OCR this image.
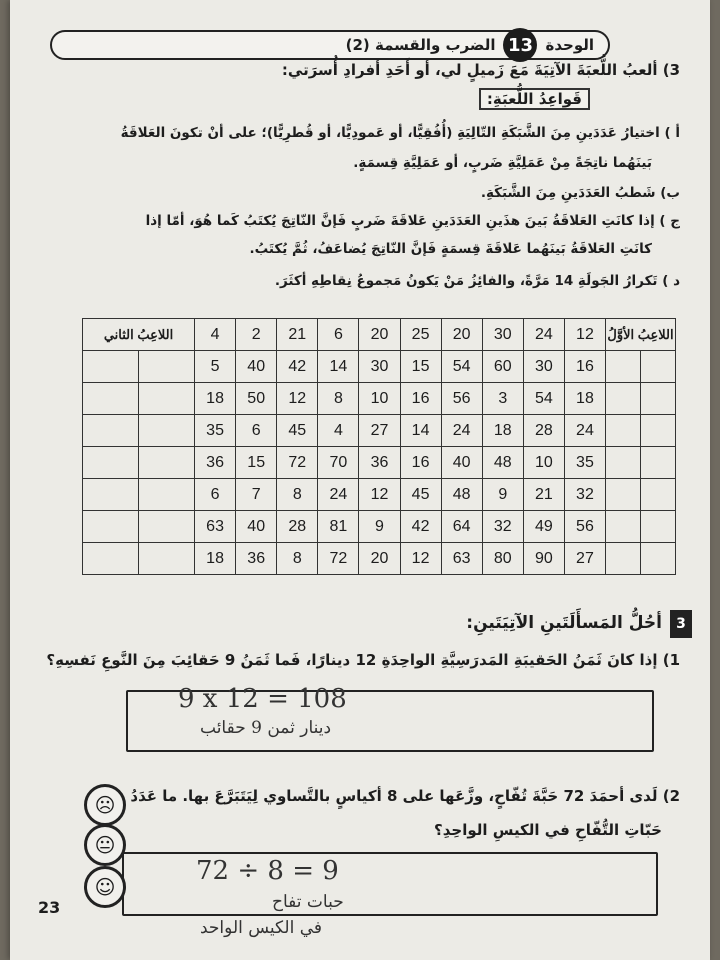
الوحدة
13
الضرب والقسمة (2)
3) ألعبُ اللُّعبَةَ الآتِيَةَ مَعَ زَميلٍ لي، أو أَحَدِ أفرادِ أُسرَتي:
قَواعِدُ اللُّعبَةِ:
أ ) اختيارُ عَدَدَينِ مِنَ الشَّبَكَةِ التّالِيَةِ (أُفُقِيًّا، أو عَمودِيًّا، أو قُطرِيًّا)؛ على أنْ تكونَ العَلاقَةُ
بَينَهُما ناتِجَةً مِنْ عَمَلِيَّةِ ضَربٍ، أو عَمَلِيَّةِ قِسمَةٍ.
ب) شَطبُ العَدَدَينِ مِنَ الشَّبَكَةِ.
ج ) إذا كانَتِ العَلاقَةُ بَينَ هذَينِ العَدَدَينِ عَلاقَةَ ضَربٍ فَإنَّ النّاتِجَ يُكتَبُ كَما هُوَ، أمّا إذا
كانَتِ العَلاقَةُ بَينَهُما عَلاقَةَ قِسمَةٍ فَإنَّ النّاتِجَ يُضاعَفُ، ثُمَّ يُكتَبُ.
د ) تَكرارُ الجَولَةِ 14 مَرَّةً، والفائِزُ مَنْ يَكونُ مَجموعُ نِقاطِهِ أكثَرَ.
اللاعِبُ الأوَّلُ		12	24	30	20	25	20	6	21	2	4	اللاعِبُ الثاني	
		16	30	60	54	15	30	14	42	40	5		
		18	54	3	56	16	10	8	12	50	18		
		24	28	18	24	14	27	4	45	6	35		
		35	10	48	40	16	36	70	72	15	36		
		32	21	9	48	45	12	24	8	7	6		
		56	49	32	64	42	9	81	28	40	63		
		27	90	80	63	12	20	72	8	36	18		
3
أحُلُّ المَسأَلَتَينِ الآتِيَتَينِ:
1) إذا كانَ ثَمَنُ الحَقيبَةِ المَدرَسِيَّةِ الواحِدَةِ 12 دينارًا، فَما ثَمَنُ 9 حَقائِبَ مِنَ النَّوعِ نَفسِهِ؟
9 x 12 = 108
دينار ثمن 9 حقائب
2) لَدى أحمَدَ 72 حَبَّةَ تُفّاحٍ، وزَّعَها على 8 أكياسٍ بالتَّساوي لِيَتَبَرَّعَ بها. ما عَدَدُ
حَبّاتِ التُّفّاحِ في الكيسِ الواحِدِ؟
72 ÷ 8 = 9
حبات تفاح
في الكيس الواحد
☹
😐
☺
23
